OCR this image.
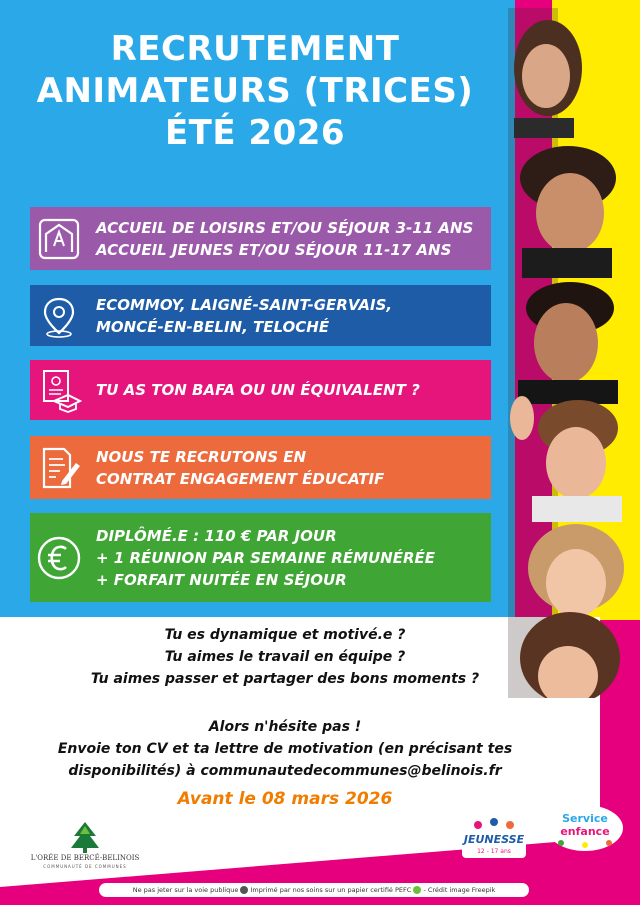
RECRUTEMENT
ANIMATEURS (TRICES)
ÉTÉ 2026
ACCUEIL DE LOISIRS ET/OU SÉJOUR 3-11 ANS
ACCUEIL JEUNES ET/OU SÉJOUR 11-17 ANS
ECOMMOY, LAIGNÉ-SAINT-GERVAIS,
MONCÉ-EN-BELIN, TELOCHÉ
TU AS TON BAFA OU UN ÉQUIVALENT ?
NOUS TE RECRUTONS EN
CONTRAT ENGAGEMENT ÉDUCATIF
DIPLÔMÉ.E : 110 € PAR JOUR
+ 1 RÉUNION PAR SEMAINE RÉMUNÉRÉE
+ FORFAIT NUITÉE EN SÉJOUR
Tu es dynamique et motivé.e ?
Tu aimes le travail en équipe ?
Tu aimes passer et partager des bons moments ?
Alors n'hésite pas !
Envoie ton CV et ta lettre de motivation (en précisant tes
disponibilités) à communautedecommunes@belinois.fr
Avant le 08 mars 2026
L'ORÉE DE BERCÉ-BELINOIS
COMMUNAUTÉ DE COMMUNES
JEUNESSE
12 - 17 ans
Service
enfance
Ne pas jeter sur la voie publique Imprimé par nos soins sur un papier certifié PEFC - Crédit image Freepik
